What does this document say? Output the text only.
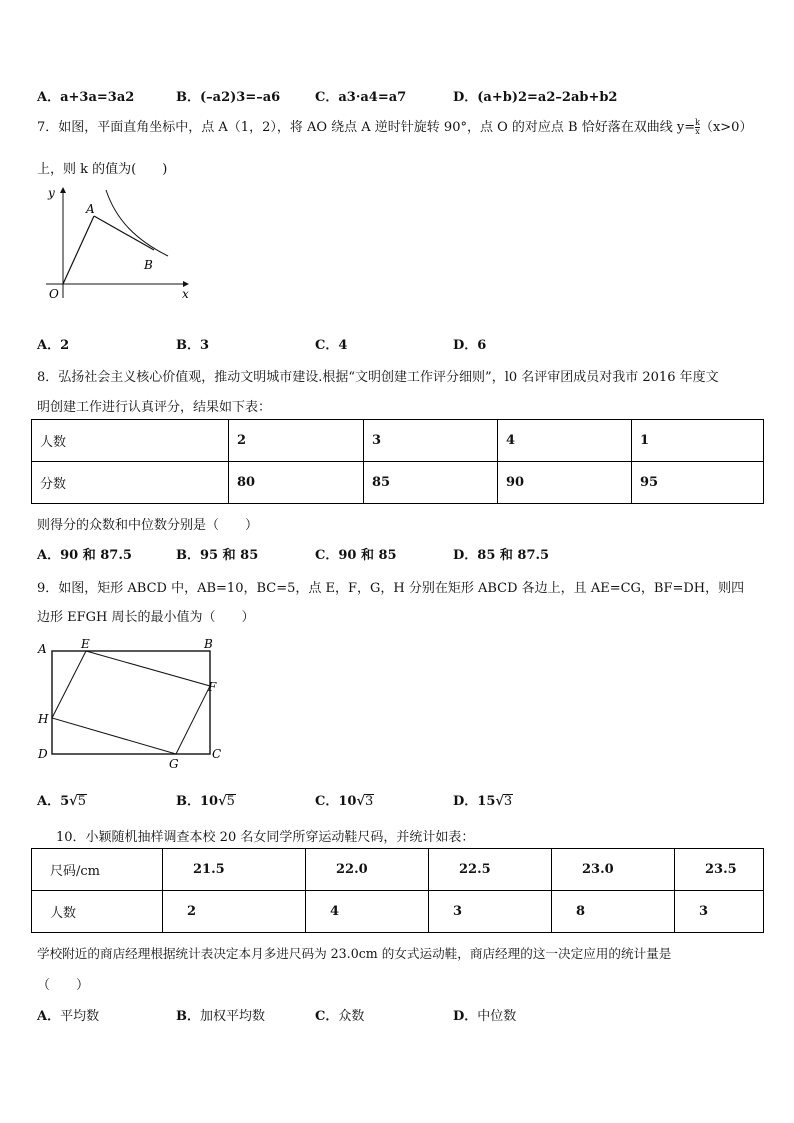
A．a+3a=3a2	B．(–a2)3=–a6	C．a3·a4=a7	D．(a+b)2=a2–2ab+b2
7．如图，平面直角坐标中，点 A（1，2），将 AO 绕点 A 逆时针旋转 90°，点 O 的对应点 B 恰好落在双曲线 $y= \frac{k}{x} (x>0)$
上，则 k 的值为(　　)
y
A
B
O	x
A．2	B．3	C．4	D．6
8．弘扬社会主义核心价值观，推动文明城市建设.根据“文明创建工作评分细则”，l0 名评审团成员对我市 2016 年度文
明创建工作进行认真评分，结果如下表：
人数	2	3	4	1
分数	80	85	90	95
则得分的众数和中位数分别是（　　）
A．90 和 87.5	B．95 和 85	C．90 和 85	D．85 和 87.5
9．如图，矩形 ABCD 中，AB=10，BC=5，点 E，F，G，H 分别在矩形 ABCD 各边上，且 AE=CG，BF=DH，则四
边形 EFGH 周长的最小值为（　　）
A	E	B
F
H
D	C
G
A．5√5	B．10√5	C．10√3	D．15√3
10．小颖随机抽样调查本校 20 名女同学所穿运动鞋尺码，并统计如表：
尺码/cm	21.5	22.0	22.5	23.0	23.5
人数	2	4	3	8	3
学校附近的商店经理根据统计表决定本月多进尺码为 23.0cm 的女式运动鞋，商店经理的这一决定应用的统计量是
（　　）
A．平均数	B．加权平均数	C．众数	D．中位数
